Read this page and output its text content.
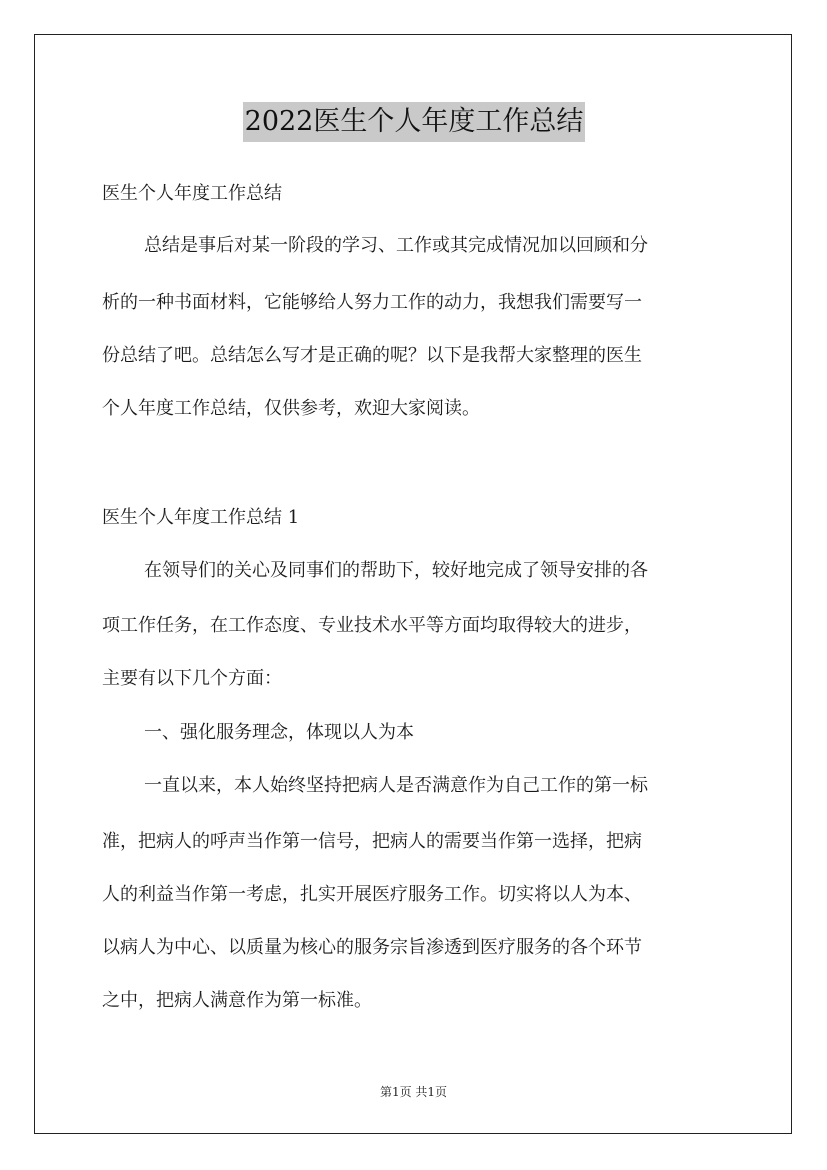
2022医生个人年度工作总结
医生个人年度工作总结
总结是事后对某一阶段的学习、工作或其完成情况加以回顾和分
析的一种书面材料，它能够给人努力工作的动力，我想我们需要写一
份总结了吧。总结怎么写才是正确的呢？以下是我帮大家整理的医生
个人年度工作总结，仅供参考，欢迎大家阅读。
医生个人年度工作总结 1
在领导们的关心及同事们的帮助下，较好地完成了领导安排的各
项工作任务，在工作态度、专业技术水平等方面均取得较大的进步，
主要有以下几个方面：
一、强化服务理念，体现以人为本
一直以来，本人始终坚持把病人是否满意作为自己工作的第一标
准，把病人的呼声当作第一信号，把病人的需要当作第一选择，把病
人的利益当作第一考虑，扎实开展医疗服务工作。切实将以人为本、
以病人为中心、以质量为核心的服务宗旨渗透到医疗服务的各个环节
之中，把病人满意作为第一标准。
第1页 共1页
